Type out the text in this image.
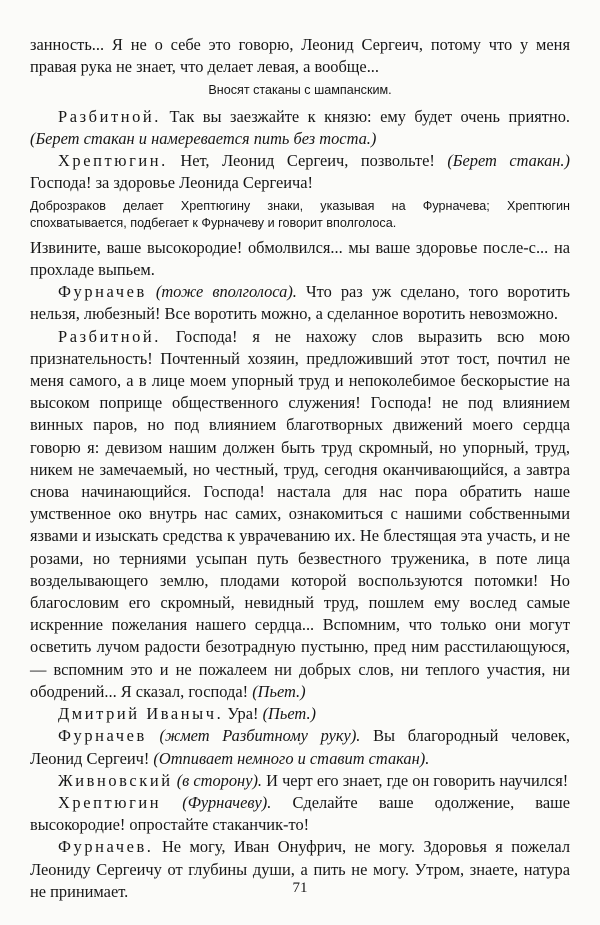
занность... Я не о себе это говорю, Леонид Сергеич, потому что у меня правая рука не знает, что делает левая, а вообще...

Вносят стаканы с шампанским.

Разбитной. Так вы заезжайте к князю: ему будет очень приятно. (Берет стакан и намеревается пить без тоста.)

Хрептюгин. Нет, Леонид Сергеич, позвольте! (Берет стакан.) Господа! за здоровье Леонида Сергеича!

Доброзраков делает Хрептюгину знаки, указывая на Фурначева; Хрептюгин спохватывается, подбегает к Фурначеву и говорит вполголоса.

Извините, ваше высокородие! обмолвился... мы ваше здоровье после-с... на прохладе выпьем.

Фурначев (тоже вполголоса). Что раз уж сделано, того воротить нельзя, любезный! Все воротить можно, а сделанное воротить невозможно.

Разбитной. Господа! я не нахожу слов выразить всю мою признательность! Почтенный хозяин, предложивший этот тост, почтил не меня самого, а в лице моем упорный труд и непоколебимое бескорыстие на высоком поприще общественного служения! Господа! не под влиянием винных паров, но под влиянием благотворных движений моего сердца говорю я: девизом нашим должен быть труд скромный, но упорный, труд, никем не замечаемый, но честный, труд, сегодня оканчивающийся, а завтра снова начинающийся. Господа! настала для нас пора обратить наше умственное око внутрь нас самих, ознакомиться с нашими собственными язвами и изыскать средства к уврачеванию их. Не блестящая эта участь, и не розами, но терниями усыпан путь безвестного труженика, в поте лица возделывающего землю, плодами которой воспользуются потомки! Но благословим его скромный, невидный труд, пошлем ему вослед самые искренние пожелания нашего сердца... Вспомним, что только они могут осветить лучом радости безотрадную пустыню, пред ним расстилающуюся,— вспомним это и не пожалеем ни добрых слов, ни теплого участия, ни ободрений... Я сказал, господа! (Пьет.)

Дмитрий Иваныч. Ура! (Пьет.)

Фурначев (жмет Разбитному руку). Вы благородный человек, Леонид Сергеич! (Отпивает немного и ставит стакан).

Живновский (в сторону). И черт его знает, где он говорить научился!

Хрептюгин (Фурначеву). Сделайте ваше одолжение, ваше высокородие! опростайте стаканчик-то!

Фурначев. Не могу, Иван Онуфрич, не могу. Здоровья я пожелал Леониду Сергеичу от глубины души, а пить не могу. Утром, знаете, натура не принимает.	71
